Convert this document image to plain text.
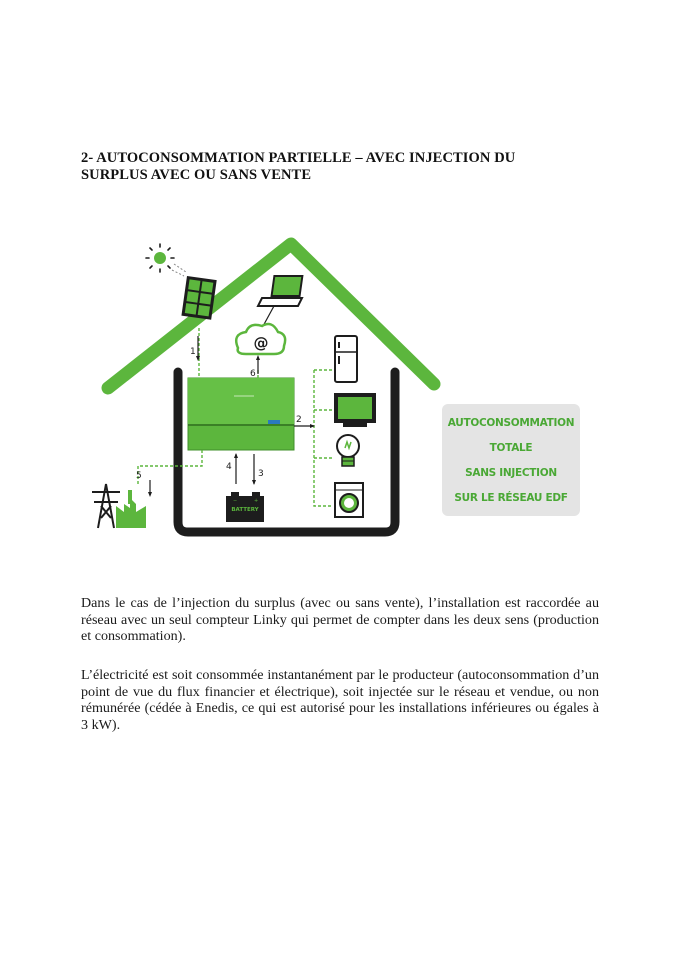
2- AUTOCONSOMMATION PARTIELLE – AVEC INJECTION DU
SURPLUS AVEC OU SANS VENTE
@
1
2
3
4
5
6
−	+
BATTERY
AUTOCONSOMMATION
TOTALE
SANS INJECTION
SUR LE RÉSEAU EDF

Dans le cas de l’injection du surplus (avec ou sans vente), l’installation est raccordée au réseau avec un seul compteur Linky qui permet de compter dans les deux sens (production et consommation).

L’électricité est soit consommée instantanément par le producteur (autoconsommation d’un point de vue du flux financier et électrique), soit injectée sur le réseau et vendue, ou non rémunérée (cédée à Enedis, ce qui est autorisé pour les installations inférieures ou égales à 3 kW).
